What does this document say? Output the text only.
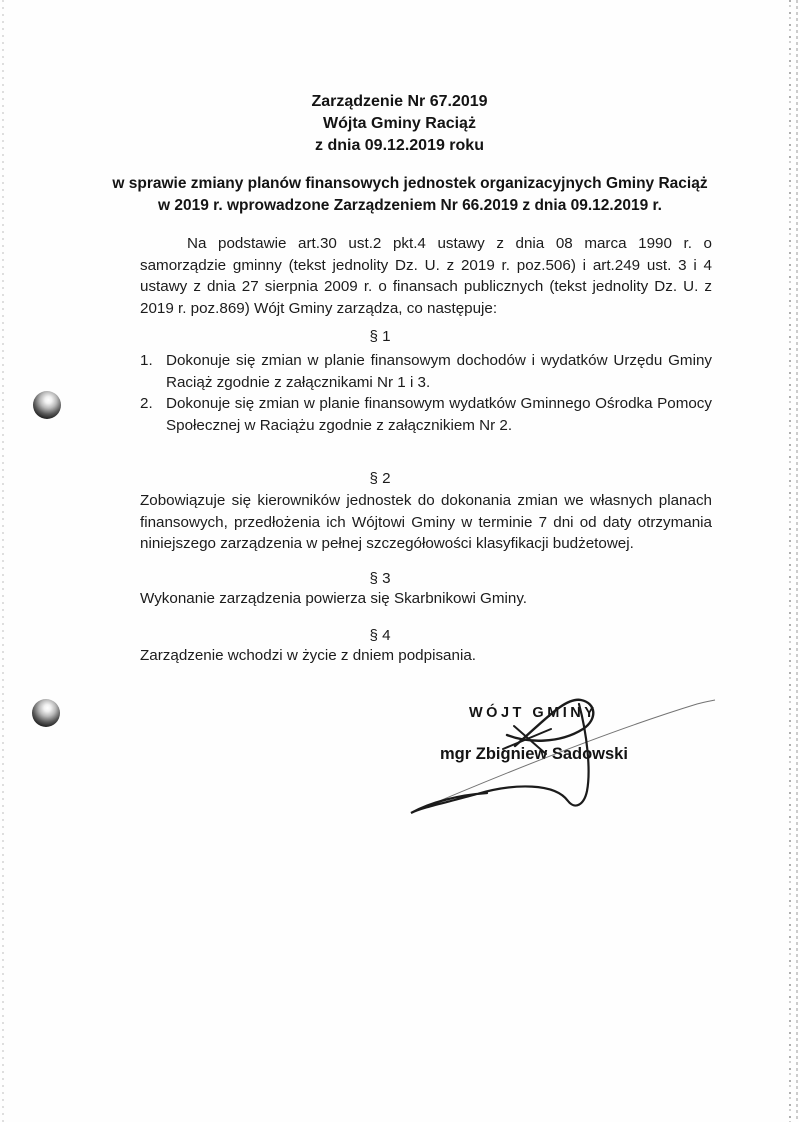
Zarządzenie Nr 67.2019
Wójta Gminy Raciąż
z dnia 09.12.2019 roku
w sprawie zmiany planów finansowych jednostek organizacyjnych Gminy Raciąż
w 2019 r. wprowadzone Zarządzeniem Nr 66.2019 z dnia 09.12.2019 r.

Na podstawie art.30 ust.2 pkt.4 ustawy z dnia 08 marca 1990 r. o samorządzie gminny (tekst jednolity Dz. U. z 2019 r. poz.506) i art.249 ust. 3 i 4 ustawy z dnia 27 sierpnia 2009 r. o finansach publicznych (tekst jednolity Dz. U. z 2019 r. poz.869) Wójt Gminy zarządza, co następuje:

§ 1
1. Dokonuje się zmian w planie finansowym dochodów i wydatków Urzędu Gminy Raciąż zgodnie z załącznikami Nr 1 i 3.
2. Dokonuje się zmian w planie finansowym wydatków Gminnego Ośrodka Pomocy Społecznej w Raciążu zgodnie z załącznikiem Nr 2.
§ 2

Zobowiązuje się kierowników jednostek do dokonania zmian we własnych planach finansowych, przedłożenia ich Wójtowi Gminy w terminie 7 dni od daty otrzymania niniejszego zarządzenia w pełnej szczegółowości klasyfikacji budżetowej.

§ 3

Wykonanie zarządzenia powierza się Skarbnikowi Gminy.

§ 4

Zarządzenie wchodzi w życie z dniem podpisania.

WÓJT GMINY
mgr Zbigniew Sadowski
